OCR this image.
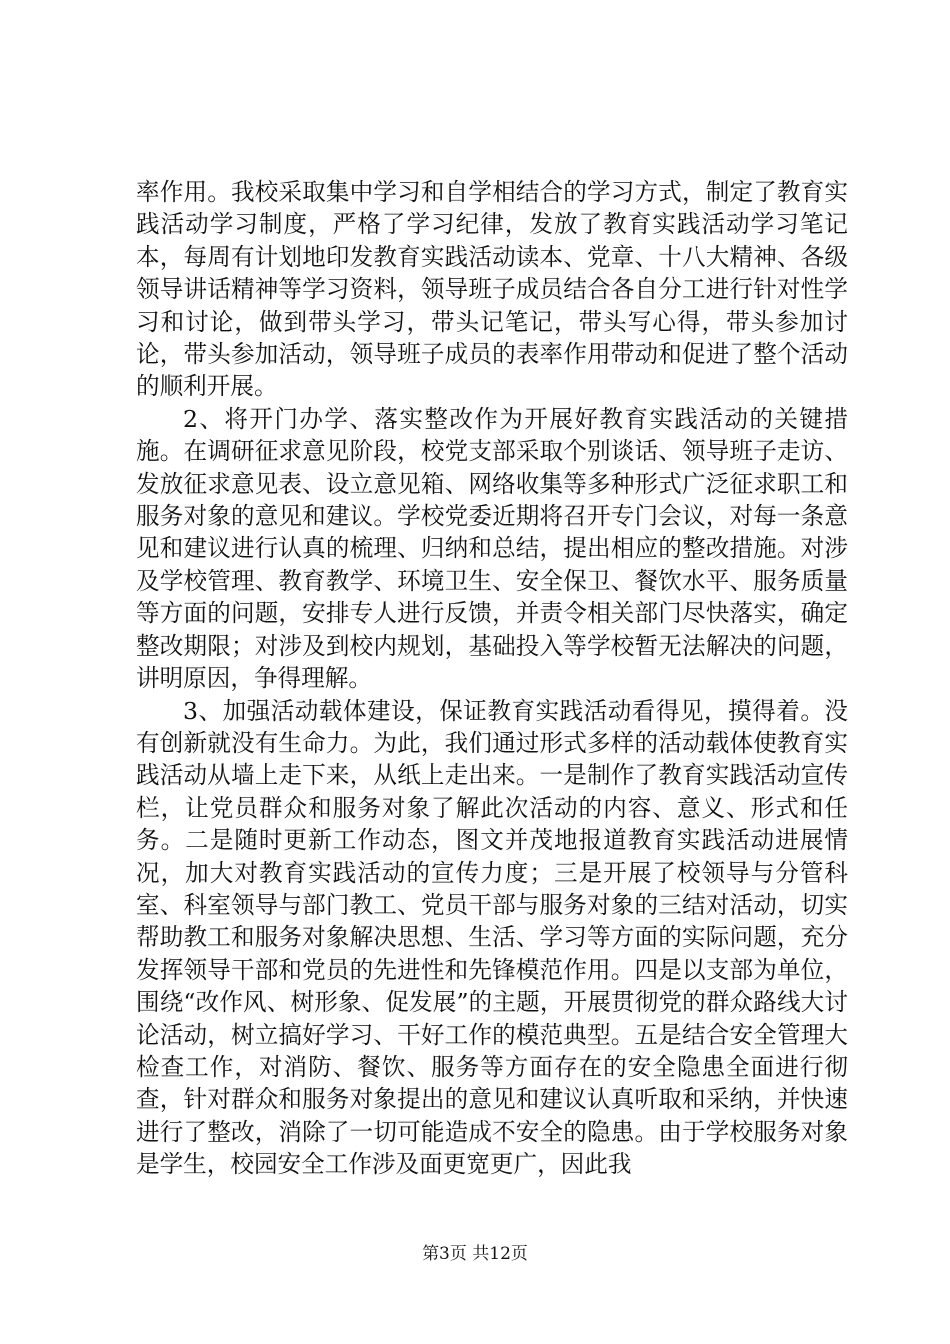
率作用。我校采取集中学习和自学相结合的学习方式，制定了教育实践活动学习制度，严格了学习纪律，发放了教育实践活动学习笔记本，每周有计划地印发教育实践活动读本、党章、十八大精神、各级领导讲话精神等学习资料，领导班子成员结合各自分工进行针对性学习和讨论，做到带头学习，带头记笔记，带头写心得，带头参加讨论，带头参加活动，领导班子成员的表率作用带动和促进了整个活动的顺利开展。

2、将开门办学、落实整改作为开展好教育实践活动的关键措施。在调研征求意见阶段，校党支部采取个别谈话、领导班子走访、发放征求意见表、设立意见箱、网络收集等多种形式广泛征求职工和服务对象的意见和建议。学校党委近期将召开专门会议，对每一条意见和建议进行认真的梳理、归纳和总结，提出相应的整改措施。对涉及学校管理、教育教学、环境卫生、安全保卫、餐饮水平、服务质量等方面的问题，安排专人进行反馈，并责令相关部门尽快落实，确定整改期限；对涉及到校内规划，基础投入等学校暂无法解决的问题，讲明原因，争得理解。

3、加强活动载体建设，保证教育实践活动看得见，摸得着。没有创新就没有生命力。为此，我们通过形式多样的活动载体使教育实践活动从墙上走下来，从纸上走出来。一是制作了教育实践活动宣传栏，让党员群众和服务对象了解此次活动的内容、意义、形式和任务。二是随时更新工作动态，图文并茂地报道教育实践活动进展情况，加大对教育实践活动的宣传力度；三是开展了校领导与分管科室、科室领导与部门教工、党员干部与服务对象的三结对活动，切实帮助教工和服务对象解决思想、生活、学习等方面的实际问题，充分发挥领导干部和党员的先进性和先锋模范作用。四是以支部为单位，围绕“改作风、树形象、促发展”的主题，开展贯彻党的群众路线大讨论活动，树立搞好学习、干好工作的模范典型。五是结合安全管理大检查工作，对消防、餐饮、服务等方面存在的安全隐患全面进行彻查，针对群众和服务对象提出的意见和建议认真听取和采纳，并快速进行了整改，消除了一切可能造成不安全的隐患。由于学校服务对象是学生，校园安全工作涉及面更宽更广，因此我

第3页 共12页
